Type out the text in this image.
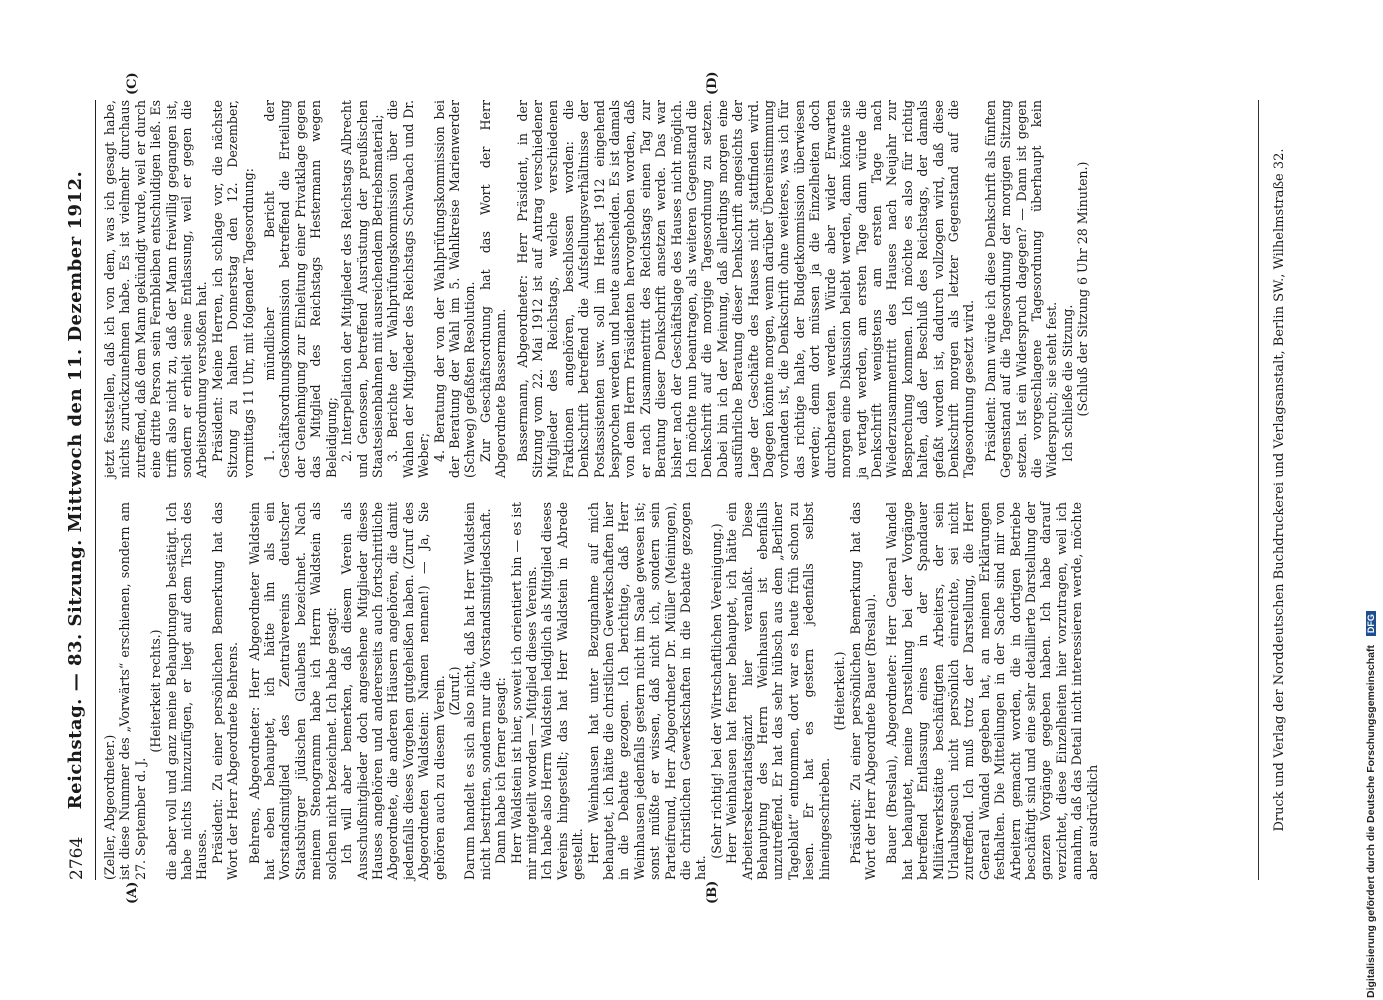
2764
Reichstag. — 83. Sitzung. Mittwoch den 11. Dezember 1912.
(A)	(B)
(C)	(D)

(Zeller, Abgeordneter.) ist diese Nummer des „Vorwärts“ erschienen, sondern am 27. September d. J.

(Heiterkeit rechts.) die aber voll und ganz meine Behauptungen bestätigt. Ich habe nichts hinzuzufügen, er liegt auf dem Tisch des Hauses. Präsident: Zu einer persönlichen Bemerkung hat das Wort der Herr Abgeordnete Behrens. Behrens, Abgeordneter: Herr Abgeordneter Waldstein hat eben behauptet, ich hätte ihn als ein Vorstandsmitglied des Zentralvereins deutscher Staatsbürger jüdischen Glaubens bezeichnet. Nach meinem Stenogramm habe ich Herrn Waldstein als solchen nicht bezeichnet. Ich habe gesagt: Ich will aber bemerken, daß diesem Verein als Ausschußmitglieder doch angesehene Mitglieder dieses Hauses angehören und andererseits auch fortschrittliche Abgeordnete, die anderen Häusern angehören, die damit jedenfalls dieses Vorgehen gutgeheißen haben. (Zuruf des Abgeordneten Waldstein: Namen nennen!) — Ja, Sie gehören auch zu diesem Verein. (Zuruf.) Darum handelt es sich also nicht, daß hat Herr Waldstein nicht bestritten, sondern nur die Vorstandsmitgliedschaft. Dann habe ich ferner gesagt: Herr Waldstein ist hier, soweit ich orientiert bin — es ist mir mitgeteilt worden — Mitglied dieses Vereins. Ich habe also Herrn Waldstein lediglich als Mitglied dieses Vereins hingestellt; das hat Herr Waldstein in Abrede gestellt. Herr Weinhausen hat unter Bezugnahme auf mich behauptet, ich hätte die christlichen Gewerkschaften hier in die Debatte gezogen. Ich berichtige, daß Herr Weinhausen jedenfalls gestern nicht im Saale gewesen ist; sonst müßte er wissen, daß nicht ich, sondern sein Parteifreund, Herr Abgeordneter Dr. Müller (Meiningen), die christlichen Gewerkschaften in die Debatte gezogen hat.

(Sehr richtig! bei der Wirtschaftlichen Vereinigung.) Herr Weinhausen hat ferner behauptet, ich hätte ein Arbeitersekretariatsgänzt hier veranlaßt. Diese Behauptung des Herrn Weinhausen ist ebenfalls unzutreffend. Er hat das sehr hübsch aus dem „Berliner Tageblatt“ entnommen, dort war es heute früh schon zu lesen. Er hat es gestern jedenfalls selbst hineingeschrieben.

(Heiterkeit.) Präsident: Zu einer persönlichen Bemerkung hat das Wort der Herr Abgeordnete Bauer (Breslau). Bauer (Breslau), Abgeordneter: Herr General Wandel hat behauptet, meine Darstellung bei der Vorgänge betreffend Entlassung eines in der Spandauer Militärwerkstätte beschäftigten Arbeiters, der sein Urlaubsgesuch nicht persönlich einreichte, sei nicht zutreffend. Ich muß trotz der Darstellung, die Herr General Wandel gegeben hat, an meinen Erklärungen festhalten. Die Mitteilungen in der Sache sind mir von Arbeitern gemacht worden, die in dortigen Betriebe beschäftigt sind und eine sehr detaillierte Darstellung der ganzen Vorgänge gegeben haben. Ich habe darauf verzichtet, diese Einzelheiten hier vorzutragen, weil ich annahm, daß das Detail nicht interessieren werde, möchte aber ausdrücklich

jetzt feststellen, daß ich von dem, was ich gesagt habe, nichts zurückzunehmen habe. Es ist vielmehr durchaus zutreffend, daß dem Mann gekündigt wurde, weil er durch eine dritte Person sein Fernbleiben entschuldigen ließ. Es trifft also nicht zu, daß der Mann freiwillig gegangen ist, sondern er erhielt seine Entlassung, weil er gegen die Arbeitsordnung verstoßen hat. Präsident: Meine Herren, ich schlage vor, die nächste Sitzung zu halten Donnerstag den 12. Dezember, vormittags 11 Uhr, mit folgender Tagesordnung: 1. mündlicher Bericht der Geschäftsordnungskommission betreffend die Erteilung der Genehmigung zur Einleitung einer Privatklage gegen das Mitglied des Reichstags Hestermann wegen Beleidigung; 2. Interpellation der Mitglieder des Reichstags Albrecht und Genossen, betreffend Ausrüstung der preußischen Staatseisenbahnen mit ausreichendem Betriebsmaterial; 3. Berichte der Wahlprüfungskommission über die Wahlen der Mitglieder des Reichstags Schwabach und Dr. Weber; 4. Beratung der von der Wahlprüfungskommission bei der Beratung der Wahl im 5. Wahlkreise Marienwerder (Schweg) gefaßten Resolution. Zur Geschäftsordnung hat das Wort der Herr Abgeordnete Bassermann. Bassermann, Abgeordneter: Herr Präsident, in der Sitzung vom 22. Mai 1912 ist auf Antrag verschiedener Mitglieder des Reichstags, welche verschiedenen Fraktionen angehören, beschlossen worden: die Denkschrift betreffend die Aufstellungsverhältnisse der Postassistenten usw. soll im Herbst 1912 eingehend besprochen werden und heute ausscheiden. Es ist damals von dem Herrn Präsidenten hervorgehoben worden, daß er nach Zusammentritt des Reichstags einen Tag zur Beratung dieser Denkschrift ansetzen werde. Das war bisher nach der Geschäftslage des Hauses nicht möglich. Ich möchte nun beantragen, als weiteren Gegenstand die Denkschrift auf die morgige Tagesordnung zu setzen. Dabei bin ich der Meinung, daß allerdings morgen eine ausführliche Beratung dieser Denkschrift angesichts der Lage der Geschäfte des Hauses nicht stattfinden wird. Dagegen könnte morgen, wenn darüber Übereinstimmung vorhanden ist, die Denkschrift ohne weiteres, was ich für das richtige halte, der Budgetkommission überwiesen werden; denn dort müssen ja die Einzelheiten doch durchberaten werden. Würde aber wider Erwarten morgen eine Diskussion beliebt werden, dann könnte sie ja vertagt werden, am ersten Tage dann würde die Denkschrift wenigstens am ersten Tage nach Wiederzusammentritt des Hauses nach Neujahr zur Besprechung kommen. Ich möchte es also für richtig halten, daß der Beschluß des Reichstags, der damals gefaßt worden ist, dadurch vollzogen wird, daß diese Denkschrift morgen als letzter Gegenstand auf die Tagesordnung gesetzt wird. Präsident: Dann würde ich diese Denkschrift als fünften Gegenstand auf die Tagesordnung der morgigen Sitzung setzen. Ist ein Widerspruch dagegen? — Dann ist gegen die vorgeschlagene Tagesordnung überhaupt kein Widerspruch; sie steht fest. Ich schließe die Sitzung. (Schluß der Sitzung 6 Uhr 28 Minuten.)	Druck und Verlag der Norddeutschen Buchdruckerei und Verlagsanstalt, Berlin SW., Wilhelmstraße 32.	Digitalisierung gefördert durch die Deutsche Forschungsgemeinschaft DFG
